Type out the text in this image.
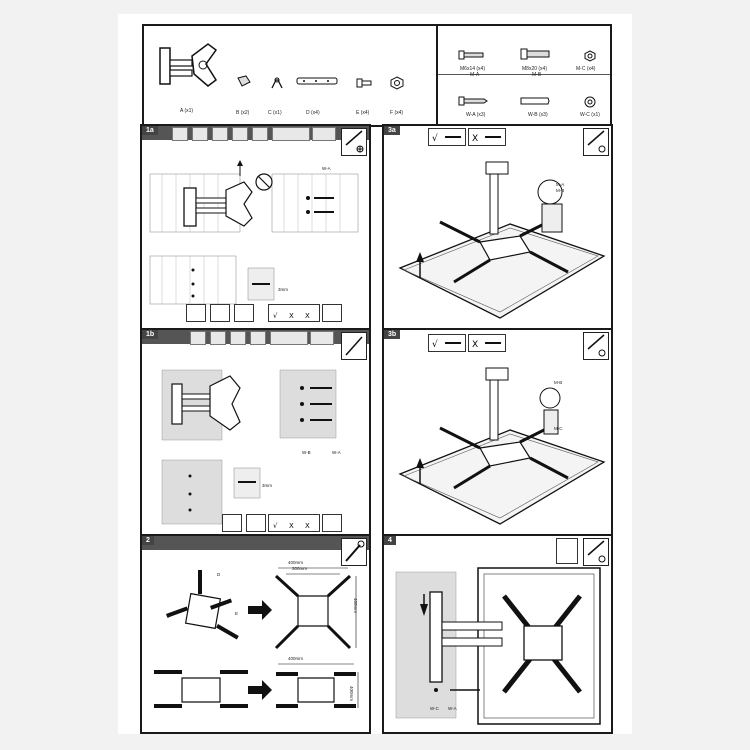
A (x1)	B (x2)	C (x1)	D (x4)	E (x4)	F (x4)
M6x14 (x4)
M-A
M8x20 (x4)
M-B
M-C (x4)
W-A (x3)	W-B (x3)	W-C (x1)
1a
W-A
3mm
√ X X
1b
W-B	W-A
3mm
√ X X
2
D
E
F
400mm
300mm
400mm
400mm
400mm
3a
√	X
M-A
M-B
3b
√	X
M-B
M-C
4
W-C W-A
